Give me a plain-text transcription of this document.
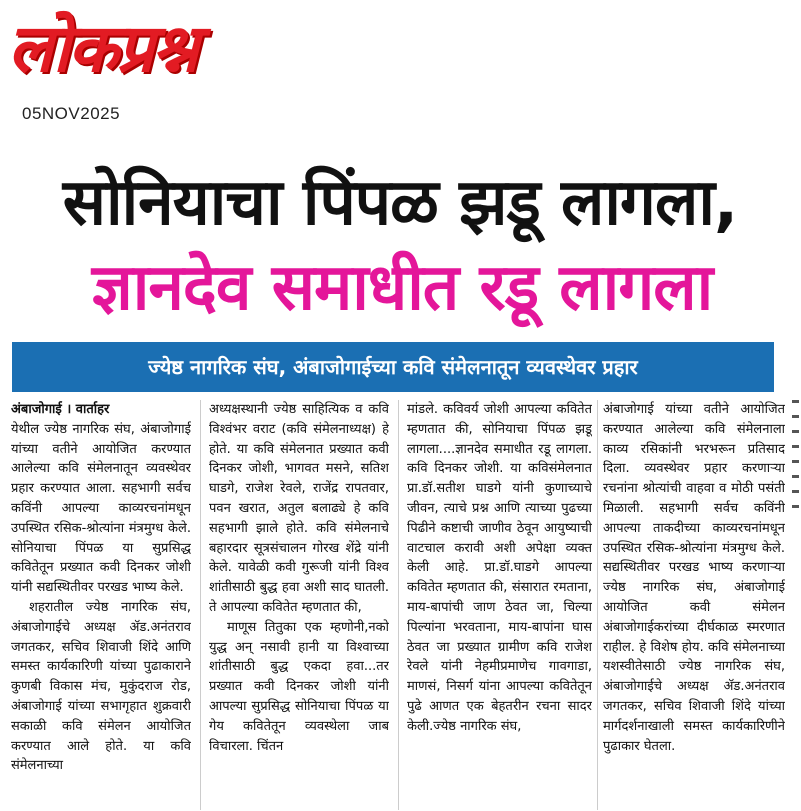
लोकप्रश्न
05NOV2025
सोनियाचा पिंपळ झडू लागला,
ज्ञानदेव समाधीत रडू लागला
ज्येष्ठ नागरिक संघ, अंबाजोगाईच्या कवि संमेलनातून व्यवस्थेवर प्रहार

अंबाजोगाई । वार्ताहर

येथील ज्येष्ठ नागरिक संघ, अंबाजोगाई यांच्या वतीने आयोजित करण्यात आलेल्या कवि संमेलनातून व्यवस्थेवर प्रहार करण्यात आला. सहभागी सर्वच कविंनी आपल्या काव्यरचनांमधून उपस्थित रसिक-श्रोत्यांना मंत्रमुग्ध केले. सोनियाचा पिंपळ या सुप्रसिद्ध कवितेतून प्रख्यात कवी दिनकर जोशी यांनी सद्यस्थितीवर परखड भाष्य केले.

शहरातील ज्येष्ठ नागरिक संघ, अंबाजोगाईचे अध्यक्ष ॲड.अनंतराव जगतकर, सचिव शिवाजी शिंदे आणि समस्त कार्यकारिणी यांच्या पुढाकाराने कुणबी विकास मंच, मुकुंदराज रोड, अंबाजोगाई यांच्या सभागृहात शुक्रवारी सकाळी कवि संमेलन आयोजित करण्यात आले होते. या कवि संमेलनाच्या

अध्यक्षस्थानी ज्येष्ठ साहित्यिक व कवि विश्वंभर वराट (कवि संमेलनाध्यक्ष) हे होते. या कवि संमेलनात प्रख्यात कवी दिनकर जोशी, भागवत मसने, सतिश घाडगे, राजेश रेवले, राजेंद्र रापतवार, पवन खरात, अतुल बलाढ्ये हे कवि सहभागी झाले होते. कवि संमेलनाचे बहारदार सूत्रसंचालन गोरख शेंद्रे यांनी केले. यावेळी कवी गुरूजी यांनी विश्व शांतीसाठी बुद्ध हवा अशी साद घातली. ते आपल्या कवितेत म्हणतात की,

माणूस तितुका एक म्हणोनी,नको युद्ध अन् नसावी हानी या विश्वाच्या शांतीसाठी बुद्ध एकदा हवा...तर प्रख्यात कवी दिनकर जोशी यांनी आपल्या सुप्रसिद्ध सोनियाचा पिंपळ या गेय कवितेतून व्यवस्थेला जाब विचारला. चिंतन

मांडले. कविवर्य जोशी आपल्या कवितेत म्हणतात की, सोनियाचा पिंपळ झडू लागला....ज्ञानदेव समाधीत रडू लागला. कवि दिनकर जोशी. या कविसंमेलनात प्रा.डॉ.सतीश घाडगे यांनी कुणाच्याचे जीवन, त्याचे प्रश्न आणि त्याच्या पुढच्या पिढीने कष्टाची जाणीव ठेवून आयुष्याची वाटचाल करावी अशी अपेक्षा व्यक्त केली आहे. प्रा.डॉ.घाडगे आपल्या कवितेत म्हणतात की, संसारात रमताना, माय-बापांची जाण ठेवत जा, चिल्या पिल्यांना भरवताना, माय-बापांना घास ठेवत जा प्रख्यात ग्रामीण कवि राजेश रेवले यांनी नेहमीप्रमाणेच गावगाडा, माणसं, निसर्ग यांना आपल्या कवितेतून पुढे आणत एक बेहतरीन रचना सादर केली.ज्येष्ठ नागरिक संघ,

अंबाजोगाई यांच्या वतीने आयोजित करण्यात आलेल्या कवि संमेलनाला काव्य रसिकांनी भरभरून प्रतिसाद दिला. व्यवस्थेवर प्रहार करणाऱ्या रचनांना श्रोत्यांची वाहवा व मोठी पसंती मिळाली. सहभागी सर्वच कविंनी आपल्या ताकदीच्या काव्यरचनांमधून उपस्थित रसिक-श्रोत्यांना मंत्रमुग्ध केले. सद्यस्थितीवर परखड भाष्य करणाऱ्या ज्येष्ठ नागरिक संघ, अंबाजोगाई आयोजित कवी संमेलन अंबाजोगाईकरांच्या दीर्घकाळ स्मरणात राहील. हे विशेष होय. कवि संमेलनाच्या यशस्वीतेसाठी ज्येष्ठ नागरिक संघ, अंबाजोगाईचे अध्यक्ष ॲड.अनंतराव जगतकर, सचिव शिवाजी शिंदे यांच्या मार्गदर्शनाखाली समस्त कार्यकारिणीने पुढाकार घेतला.
